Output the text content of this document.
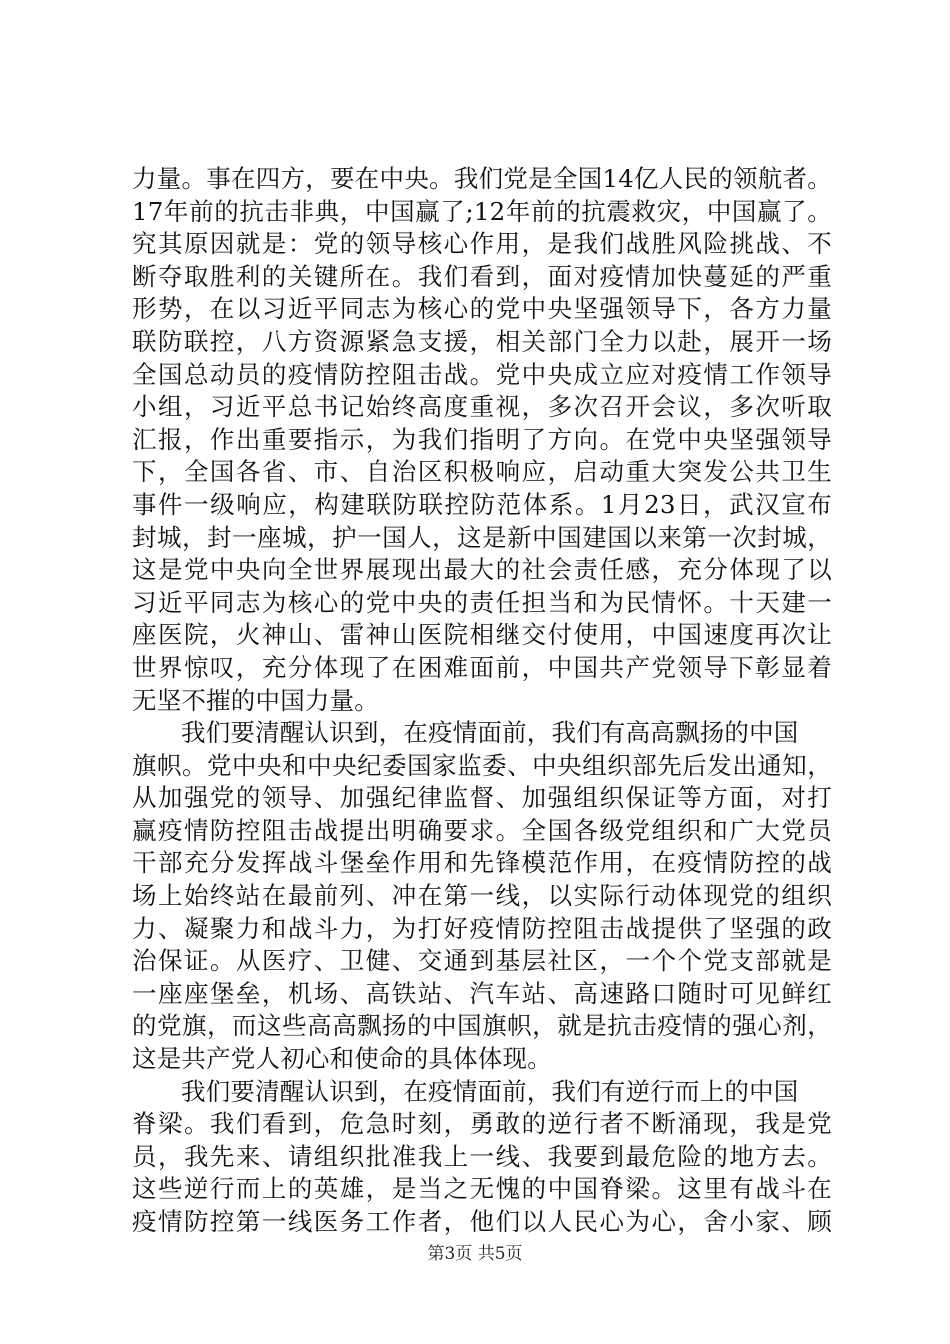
力量。事在四方，要在中央。我们党是全国14亿人民的领航者。
17年前的抗击非典，中国赢了;12年前的抗震救灾，中国赢了。
究其原因就是：党的领导核心作用，是我们战胜风险挑战、不
断夺取胜利的关键所在。我们看到，面对疫情加快蔓延的严重
形势，在以习近平同志为核心的党中央坚强领导下，各方力量
联防联控，八方资源紧急支援，相关部门全力以赴，展开一场
全国总动员的疫情防控阻击战。党中央成立应对疫情工作领导
小组，习近平总书记始终高度重视，多次召开会议，多次听取
汇报，作出重要指示，为我们指明了方向。在党中央坚强领导
下，全国各省、市、自治区积极响应，启动重大突发公共卫生
事件一级响应，构建联防联控防范体系。1月23日，武汉宣布
封城，封一座城，护一国人，这是新中国建国以来第一次封城，
这是党中央向全世界展现出最大的社会责任感，充分体现了以
习近平同志为核心的党中央的责任担当和为民情怀。十天建一
座医院，火神山、雷神山医院相继交付使用，中国速度再次让
世界惊叹，充分体现了在困难面前，中国共产党领导下彰显着
无坚不摧的中国力量。
我们要清醒认识到，在疫情面前，我们有高高飘扬的中国
旗帜。党中央和中央纪委国家监委、中央组织部先后发出通知，
从加强党的领导、加强纪律监督、加强组织保证等方面，对打
赢疫情防控阻击战提出明确要求。全国各级党组织和广大党员
干部充分发挥战斗堡垒作用和先锋模范作用，在疫情防控的战
场上始终站在最前列、冲在第一线，以实际行动体现党的组织
力、凝聚力和战斗力，为打好疫情防控阻击战提供了坚强的政
治保证。从医疗、卫健、交通到基层社区，一个个党支部就是
一座座堡垒，机场、高铁站、汽车站、高速路口随时可见鲜红
的党旗，而这些高高飘扬的中国旗帜，就是抗击疫情的强心剂，
这是共产党人初心和使命的具体体现。
我们要清醒认识到，在疫情面前，我们有逆行而上的中国
脊梁。我们看到，危急时刻，勇敢的逆行者不断涌现，我是党
员，我先来、请组织批准我上一线、我要到最危险的地方去。
这些逆行而上的英雄，是当之无愧的中国脊梁。这里有战斗在
疫情防控第一线医务工作者，他们以人民心为心，舍小家、顾
第3页 共5页
